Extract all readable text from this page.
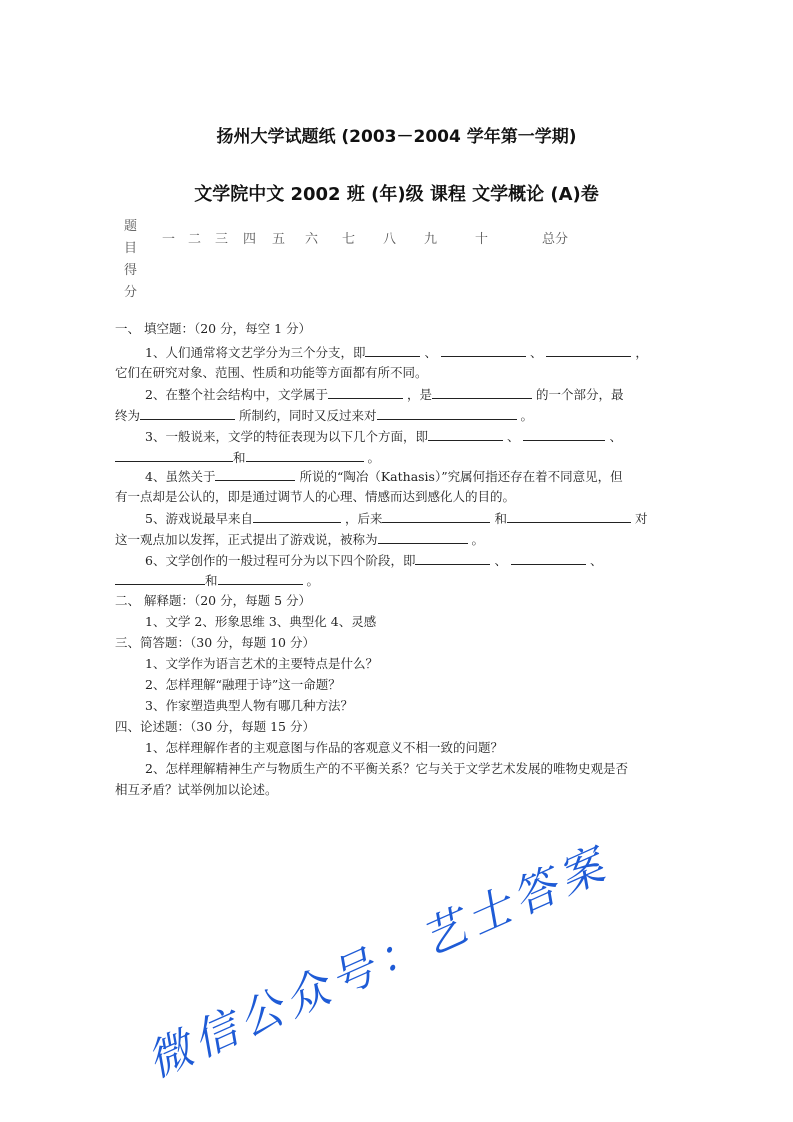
扬州大学试题纸 (2003－2004 学年第一学期)
文学院中文 2002 班 (年)级 课程 文学概论 (A)卷
题
目
得
分
一 二 三 四 五 六 七 八 九	十	总分
一、 填空题：（20 分，每空 1 分）
1、人们通常将文艺学分为三个分支，即	、	、	，
它们在研究对象、范围、性质和功能等方面都有所不同。
2、在整个社会结构中，文学属于	，是	的一个部分，最
终为	所制约，同时又反过来对	。
3、一般说来，文学的特征表现为以下几个方面，即	、	、
和	。
4、虽然关于	所说的“陶冶（Kathasis）”究属何指还存在着不同意见，但
有一点却是公认的，即是通过调节人的心理、情感而达到感化人的目的。
5、游戏说最早来自	，后来	和	对
这一观点加以发挥，正式提出了游戏说，被称为	。
6、文学创作的一般过程可分为以下四个阶段，即	、	、
和	。
二、 解释题：（20 分，每题 5 分）
1、文学 2、形象思维 3、典型化 4、灵感
三、简答题：（30 分，每题 10 分）
1、文学作为语言艺术的主要特点是什么？
2、怎样理解“融理于诗”这一命题？
3、作家塑造典型人物有哪几种方法？
四、论述题：（30 分，每题 15 分）
1、怎样理解作者的主观意图与作品的客观意义不相一致的问题？
2、怎样理解精神生产与物质生产的不平衡关系？它与关于文学艺术发展的唯物史观是否
相互矛盾？试举例加以论述。
微信公众号：艺士答案
